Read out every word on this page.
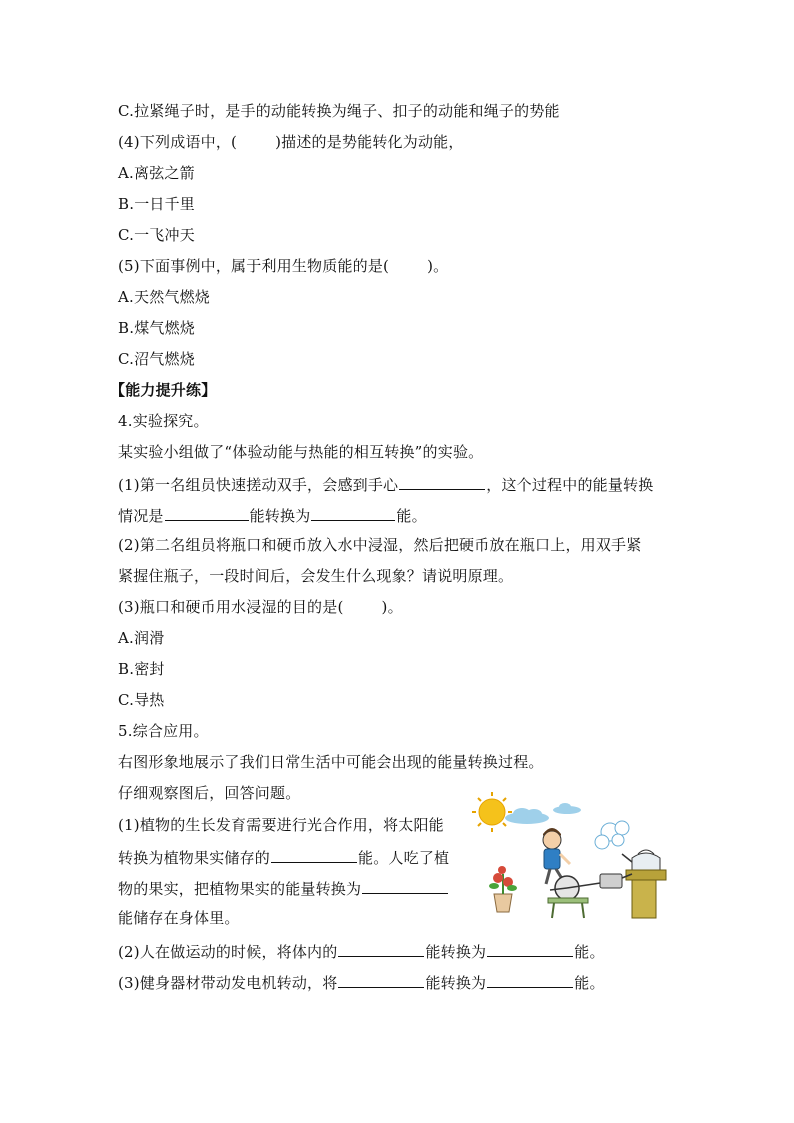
C.拉紧绳子时，是手的动能转换为绳子、扣子的动能和绳子的势能
(4)下列成语中，(	)描述的是势能转化为动能，
A.离弦之箭
B.一日千里
C.一飞冲天
(5)下面事例中，属于利用生物质能的是(	)。
A.天然气燃烧
B.煤气燃烧
C.沼气燃烧
【能力提升练】
4.实验探究。
某实验小组做了“体验动能与热能的相互转换”的实验。
(1)第一名组员快速搓动双手，会感到手心	，这个过程中的能量转换
情况是	能转换为	能。
(2)第二名组员将瓶口和硬币放入水中浸湿，然后把硬币放在瓶口上，用双手紧
紧握住瓶子，一段时间后，会发生什么现象？请说明原理。
(3)瓶口和硬币用水浸湿的目的是(	)。
A.润滑
B.密封
C.导热
5.综合应用。
右图形象地展示了我们日常生活中可能会出现的能量转换过程。
仔细观察图后，回答问题。
(1)植物的生长发育需要进行光合作用，将太阳能
转换为植物果实储存的	能。人吃了植
物的果实，把植物果实的能量转换为
能储存在身体里。
(2)人在做运动的时候，将体内的	能转换为	能。
(3)健身器材带动发电机转动，将	能转换为	能。
